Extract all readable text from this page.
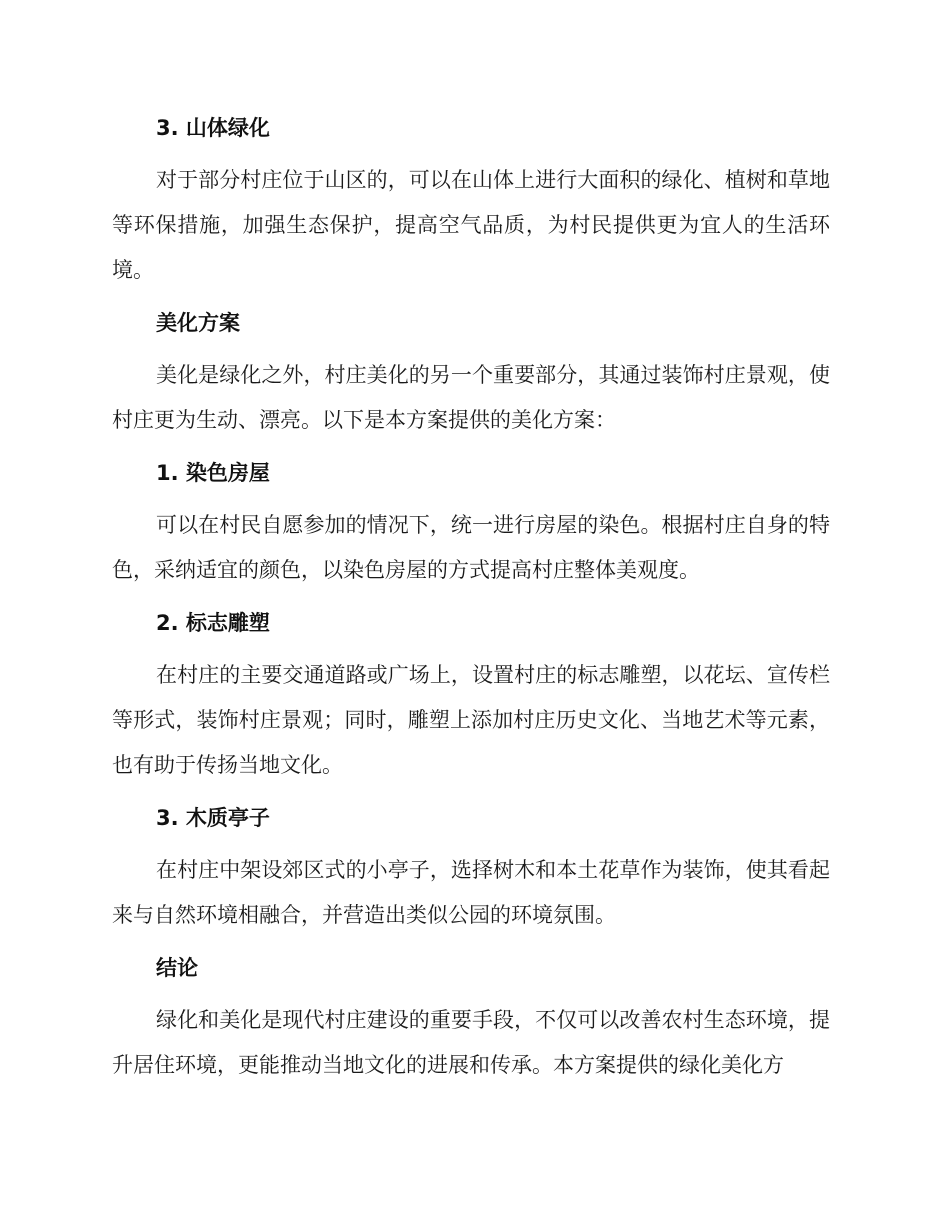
3. 山体绿化

对于部分村庄位于山区的，可以在山体上进行大面积的绿化、植树和草地等环保措施，加强生态保护，提高空气品质，为村民提供更为宜人的生活环境。

美化方案

美化是绿化之外，村庄美化的另一个重要部分，其通过装饰村庄景观，使村庄更为生动、漂亮。以下是本方案提供的美化方案：

1. 染色房屋

可以在村民自愿参加的情况下，统一进行房屋的染色。根据村庄自身的特色，采纳适宜的颜色，以染色房屋的方式提高村庄整体美观度。

2. 标志雕塑

在村庄的主要交通道路或广场上，设置村庄的标志雕塑，以花坛、宣传栏等形式，装饰村庄景观；同时，雕塑上添加村庄历史文化、当地艺术等元素，也有助于传扬当地文化。

3. 木质亭子

在村庄中架设郊区式的小亭子，选择树木和本土花草作为装饰，使其看起来与自然环境相融合，并营造出类似公园的环境氛围。

结论

绿化和美化是现代村庄建设的重要手段，不仅可以改善农村生态环境，提升居住环境，更能推动当地文化的进展和传承。本方案提供的绿化美化方
